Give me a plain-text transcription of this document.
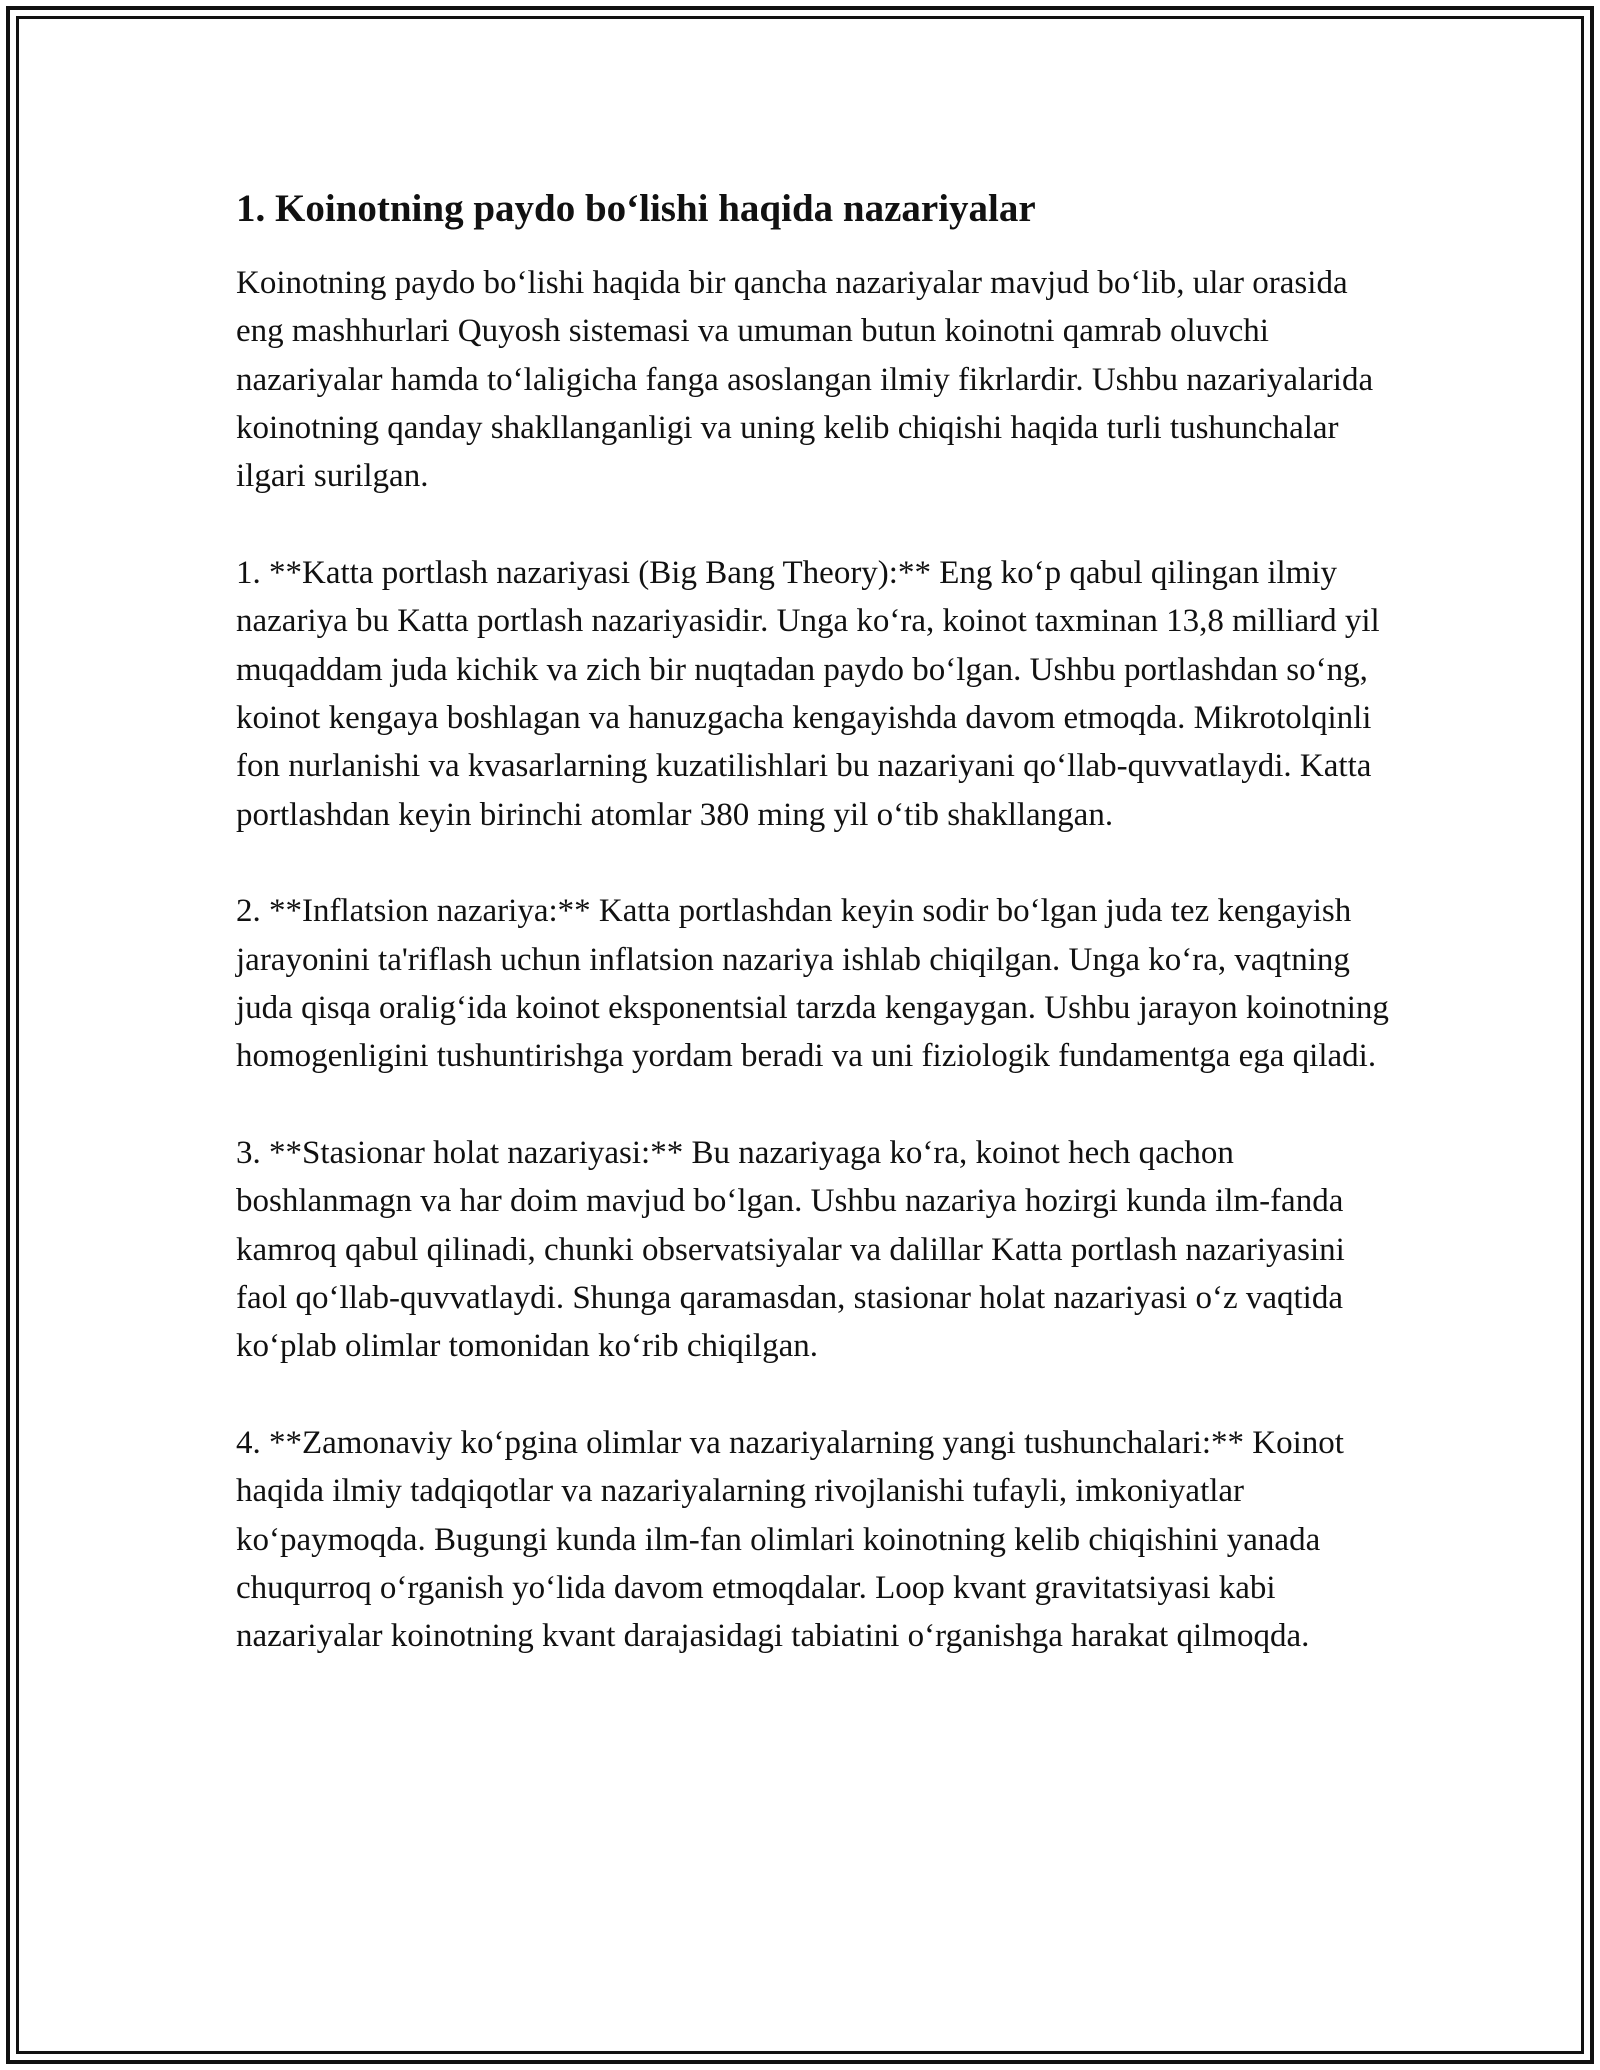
1. Koinotning paydo bo‘lishi haqida nazariyalar

Koinotning paydo bo‘lishi haqida bir qancha nazariyalar mavjud bo‘lib, ular orasida eng mashhurlari Quyosh sistemasi va umuman butun koinotni qamrab oluvchi nazariyalar hamda to‘laligicha fanga asoslangan ilmiy fikrlardir. Ushbu nazariyalarida koinotning qanday shakllanganligi va uning kelib chiqishi haqida turli tushunchalar ilgari surilgan.

1. **Katta portlash nazariyasi (Big Bang Theory):** Eng ko‘p qabul qilingan ilmiy nazariya bu Katta portlash nazariyasidir. Unga ko‘ra, koinot taxminan 13,8 milliard yil muqaddam juda kichik va zich bir nuqtadan paydo bo‘lgan. Ushbu portlashdan so‘ng, koinot kengaya boshlagan va hanuzgacha kengayishda davom etmoqda. Mikrotolqinli fon nurlanishi va kvasarlarning kuzatilishlari bu nazariyani qo‘llab-quvvatlaydi. Katta portlashdan keyin birinchi atomlar 380 ming yil o‘tib shakllangan.

2. **Inflatsion nazariya:** Katta portlashdan keyin sodir bo‘lgan juda tez kengayish jarayonini ta'riflash uchun inflatsion nazariya ishlab chiqilgan. Unga ko‘ra, vaqtning juda qisqa oralig‘ida koinot eksponentsial tarzda kengaygan. Ushbu jarayon koinotning homogenligini tushuntirishga yordam beradi va uni fiziologik fundamentga ega qiladi.

3. **Stasionar holat nazariyasi:** Bu nazariyaga ko‘ra, koinot hech qachon boshlanmagn va har doim mavjud bo‘lgan. Ushbu nazariya hozirgi kunda ilm-fanda kamroq qabul qilinadi, chunki observatsiyalar va dalillar Katta portlash nazariyasini faol qo‘llab-quvvatlaydi. Shunga qaramasdan, stasionar holat nazariyasi o‘z vaqtida ko‘plab olimlar tomonidan ko‘rib chiqilgan.

4. **Zamonaviy ko‘pgina olimlar va nazariyalarning yangi tushunchalari:** Koinot haqida ilmiy tadqiqotlar va nazariyalarning rivojlanishi tufayli, imkoniyatlar ko‘paymoqda. Bugungi kunda ilm-fan olimlari koinotning kelib chiqishini yanada chuqurroq o‘rganish yo‘lida davom etmoqdalar. Loop kvant gravitatsiyasi kabi nazariyalar koinotning kvant darajasidagi tabiatini o‘rganishga harakat qilmoqda.
